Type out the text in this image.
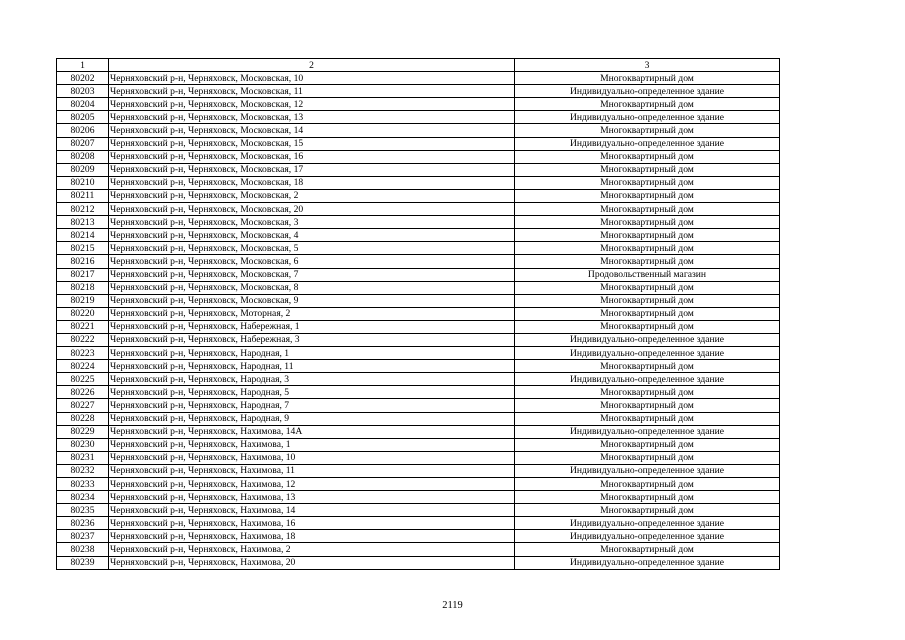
1	2	3
80202	Черняховский р-н, Черняховск, Московская, 10	Многоквартирный дом
80203	Черняховский р-н, Черняховск, Московская, 11	Индивидуально-определенное здание
80204	Черняховский р-н, Черняховск, Московская, 12	Многоквартирный дом
80205	Черняховский р-н, Черняховск, Московская, 13	Индивидуально-определенное здание
80206	Черняховский р-н, Черняховск, Московская, 14	Многоквартирный дом
80207	Черняховский р-н, Черняховск, Московская, 15	Индивидуально-определенное здание
80208	Черняховский р-н, Черняховск, Московская, 16	Многоквартирный дом
80209	Черняховский р-н, Черняховск, Московская, 17	Многоквартирный дом
80210	Черняховский р-н, Черняховск, Московская, 18	Многоквартирный дом
80211	Черняховский р-н, Черняховск, Московская, 2	Многоквартирный дом
80212	Черняховский р-н, Черняховск, Московская, 20	Многоквартирный дом
80213	Черняховский р-н, Черняховск, Московская, 3	Многоквартирный дом
80214	Черняховский р-н, Черняховск, Московская, 4	Многоквартирный дом
80215	Черняховский р-н, Черняховск, Московская, 5	Многоквартирный дом
80216	Черняховский р-н, Черняховск, Московская, 6	Многоквартирный дом
80217	Черняховский р-н, Черняховск, Московская, 7	Продовольственный магазин
80218	Черняховский р-н, Черняховск, Московская, 8	Многоквартирный дом
80219	Черняховский р-н, Черняховск, Московская, 9	Многоквартирный дом
80220	Черняховский р-н, Черняховск, Моторная, 2	Многоквартирный дом
80221	Черняховский р-н, Черняховск, Набережная, 1	Многоквартирный дом
80222	Черняховский р-н, Черняховск, Набережная, 3	Индивидуально-определенное здание
80223	Черняховский р-н, Черняховск, Народная, 1	Индивидуально-определенное здание
80224	Черняховский р-н, Черняховск, Народная, 11	Многоквартирный дом
80225	Черняховский р-н, Черняховск, Народная, 3	Индивидуально-определенное здание
80226	Черняховский р-н, Черняховск, Народная, 5	Многоквартирный дом
80227	Черняховский р-н, Черняховск, Народная, 7	Многоквартирный дом
80228	Черняховский р-н, Черняховск, Народная, 9	Многоквартирный дом
80229	Черняховский р-н, Черняховск, Нахимова, 14А	Индивидуально-определенное здание
80230	Черняховский р-н, Черняховск, Нахимова, 1	Многоквартирный дом
80231	Черняховский р-н, Черняховск, Нахимова, 10	Многоквартирный дом
80232	Черняховский р-н, Черняховск, Нахимова, 11	Индивидуально-определенное здание
80233	Черняховский р-н, Черняховск, Нахимова, 12	Многоквартирный дом
80234	Черняховский р-н, Черняховск, Нахимова, 13	Многоквартирный дом
80235	Черняховский р-н, Черняховск, Нахимова, 14	Многоквартирный дом
80236	Черняховский р-н, Черняховск, Нахимова, 16	Индивидуально-определенное здание
80237	Черняховский р-н, Черняховск, Нахимова, 18	Индивидуально-определенное здание
80238	Черняховский р-н, Черняховск, Нахимова, 2	Многоквартирный дом
80239	Черняховский р-н, Черняховск, Нахимова, 20	Индивидуально-определенное здание
2119
